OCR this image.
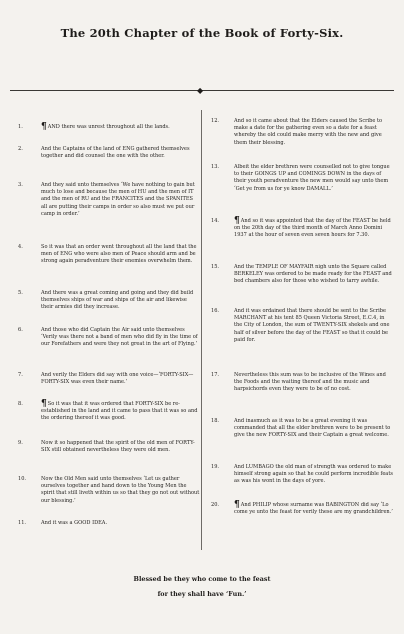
The 20th Chapter of the Book of Forty-Six.
◆
1.	¶AND there was unrest throughout all the lands.
2.	And the Captains of the land of ENG gathered themselves together and did counsel the one with the other.
3.	And they said unto themselves ‘We have nothing to gain but much to lose and because the men of HU and the men of IT and the men of RU and the FRANCITES and the SPANITES all are putting their camps in order so also must we put our camp in order.’
4.	So it was that an order went throughout all the land that the men of ENG who were also men of Peace should arm and be strong again peradventure their enemies overwhelm them.
5.	And there was a great coming and going and they did build themselves ships of war and ships of the air and likewise their armies did they increase.
6.	And those who did Captain the Air said unto themselves ‘Verily was there not a band of men who did fly in the time of our Forefathers and were they not great in the art of Flying.’
7.	And verily the Elders did say with one voice—‘FORTY-SIX—FORTY-SIX was even their name.’
8.	¶So it was that it was ordered that FORTY-SIX be re-established in the land and it came to pass that it was so and the ordering thereof it was good.
9.	Now it so happened that the spirit of the old men of FORTY-SIX still obtained nevertheless they were old men.
10.	Now the Old Men said unto themselves ‘Let us gather ourselves together and hand down to the Young Men the spirit that still liveth within us so that they go not out without our blessing.’
11.	And it was a GOOD IDEA.
12.	And so it came about that the Elders caused the Scribe to make a date for the gathering even so a date for a feast whereby the old could make merry with the new and give them their blessing.
13.	Albeit the elder brethren were counselled not to give tongue to their GOINGS UP and COMINGS DOWN in the days of their youth peradventure the new men would say unto them ‘Get ye from us for ye know DAMALL.’
14.	¶And so it was appointed that the day of the FEAST be held on the 20th day of the third month of March Anno Domini 1937 at the hour of seven even seven hours for 7.30.
15.	And the TEMPLE OF MAYFAIR nigh unto the Square called BERKELEY was ordered to be made ready for the FEAST and bed chambers also for those who wished to tarry awhile.
16.	And it was ordained that there should be sent to the Scribe MARCHANT at his tent 85 Queen Victoria Street, E.C.4, in the City of London, the sum of TWENTY-SIX shekels and one half of silver before the day of the FEAST so that it could be paid for.
17.	Nevertheless this sum was to be inclusive of the Wines and the Foods and the waiting thereof and the music and harpsichords even they were to be of no cost.
18.	And inasmuch as it was to be a great evening it was commanded that all the elder brethren were to be present to give the new FORTY-SIX and their Captain a great welcome.
19.	And LUMBAGO the old man of strength was ordered to make himself strong again so that he could perform incredible feats as was his wont in the days of yore.
20.	¶And PHILIP whose surname was BABINGTON did say ‘Lo come ye unto the feast for verily these are my grandchildren.’
Blessed be they who come to the feast
for they shall have ‘Fun.’
